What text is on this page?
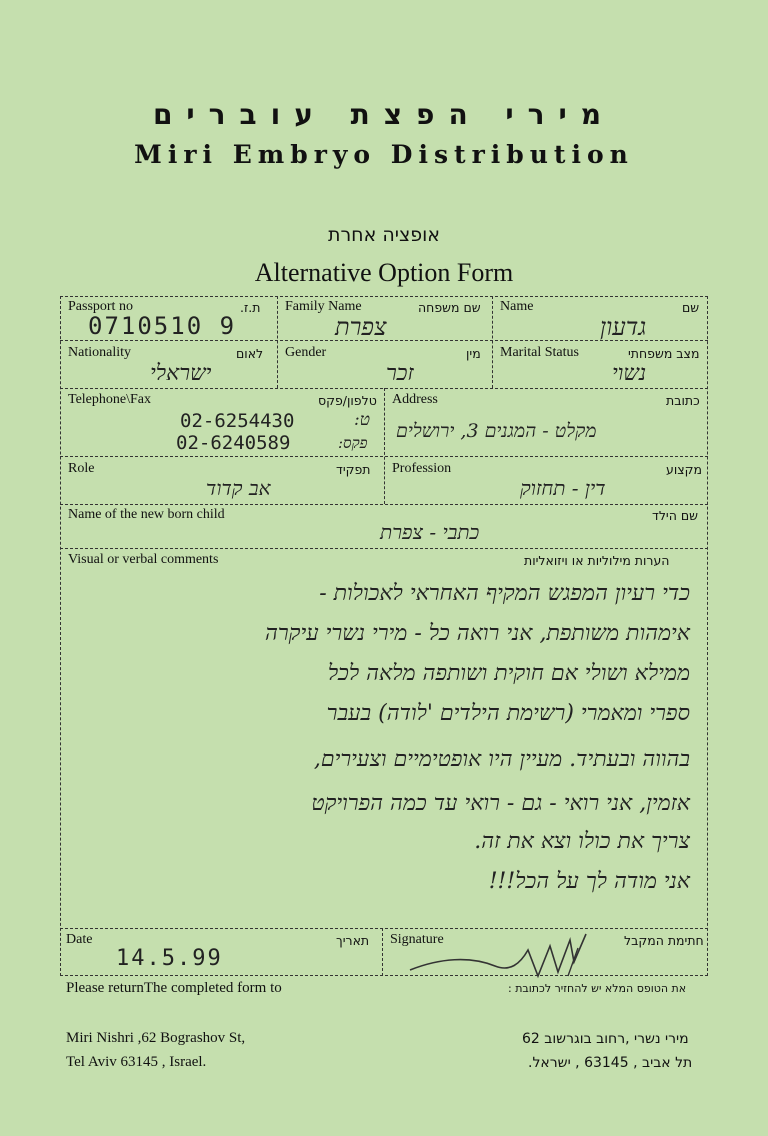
מירי הפצת עוברים
Miri Embryo Distribution
אופציה אחרת
Alternative Option Form
Passport no	ת.ז.
0710510 9
Family Name	שם משפחה
צפרת
Name	שם
גדעון
Nationality	לאום
ישראלי
Gender	מין
זכר
Marital Status	מצב משפחתי
נשוי
Telephone\Fax	טלפון/פקס
02-6254430	ט:
02-6240589	פקס:
Address	כתובת
מקלט - המגנים 3, ירושלים
Role	תפקיד
אב קדוד
Profession	מקצוע
דין - תחזוק
Name of the new born child	שם הילד
כתבי - צפרת
Visual or verbal comments	הערות מילוליות או ויזואליות
כדי רעיון המפגש המקיף האחראי לאכולות -
אימהות משותפת, אני רואה כל - מירי נשרי עיקרה
ממילא ושולי אם חוקית ושותפה מלאה לכל
ספרי ומאמרי (רשימת הילדים 'לודה) בעבר
בהווה ובעתיד. מעיין היו אופטימיים וצעירים,
אזמין, אני רואי - גם - רואי עד כמה הפרויקט
צריך את כולו וצא את זה.
אני מודה לך על הכל!!!
Date	תאריך
14.5.99
Signature	חתימת המקבל
Please returnThe completed form to	את הטופס המלא יש להחזיר לכתובת :
Miri Nishri ,62 Bograshov St,
Tel Aviv 63145 , Israel.
מירי נשרי ,רחוב בוגרשוב 62
תל אביב , 63145 , ישראל.
